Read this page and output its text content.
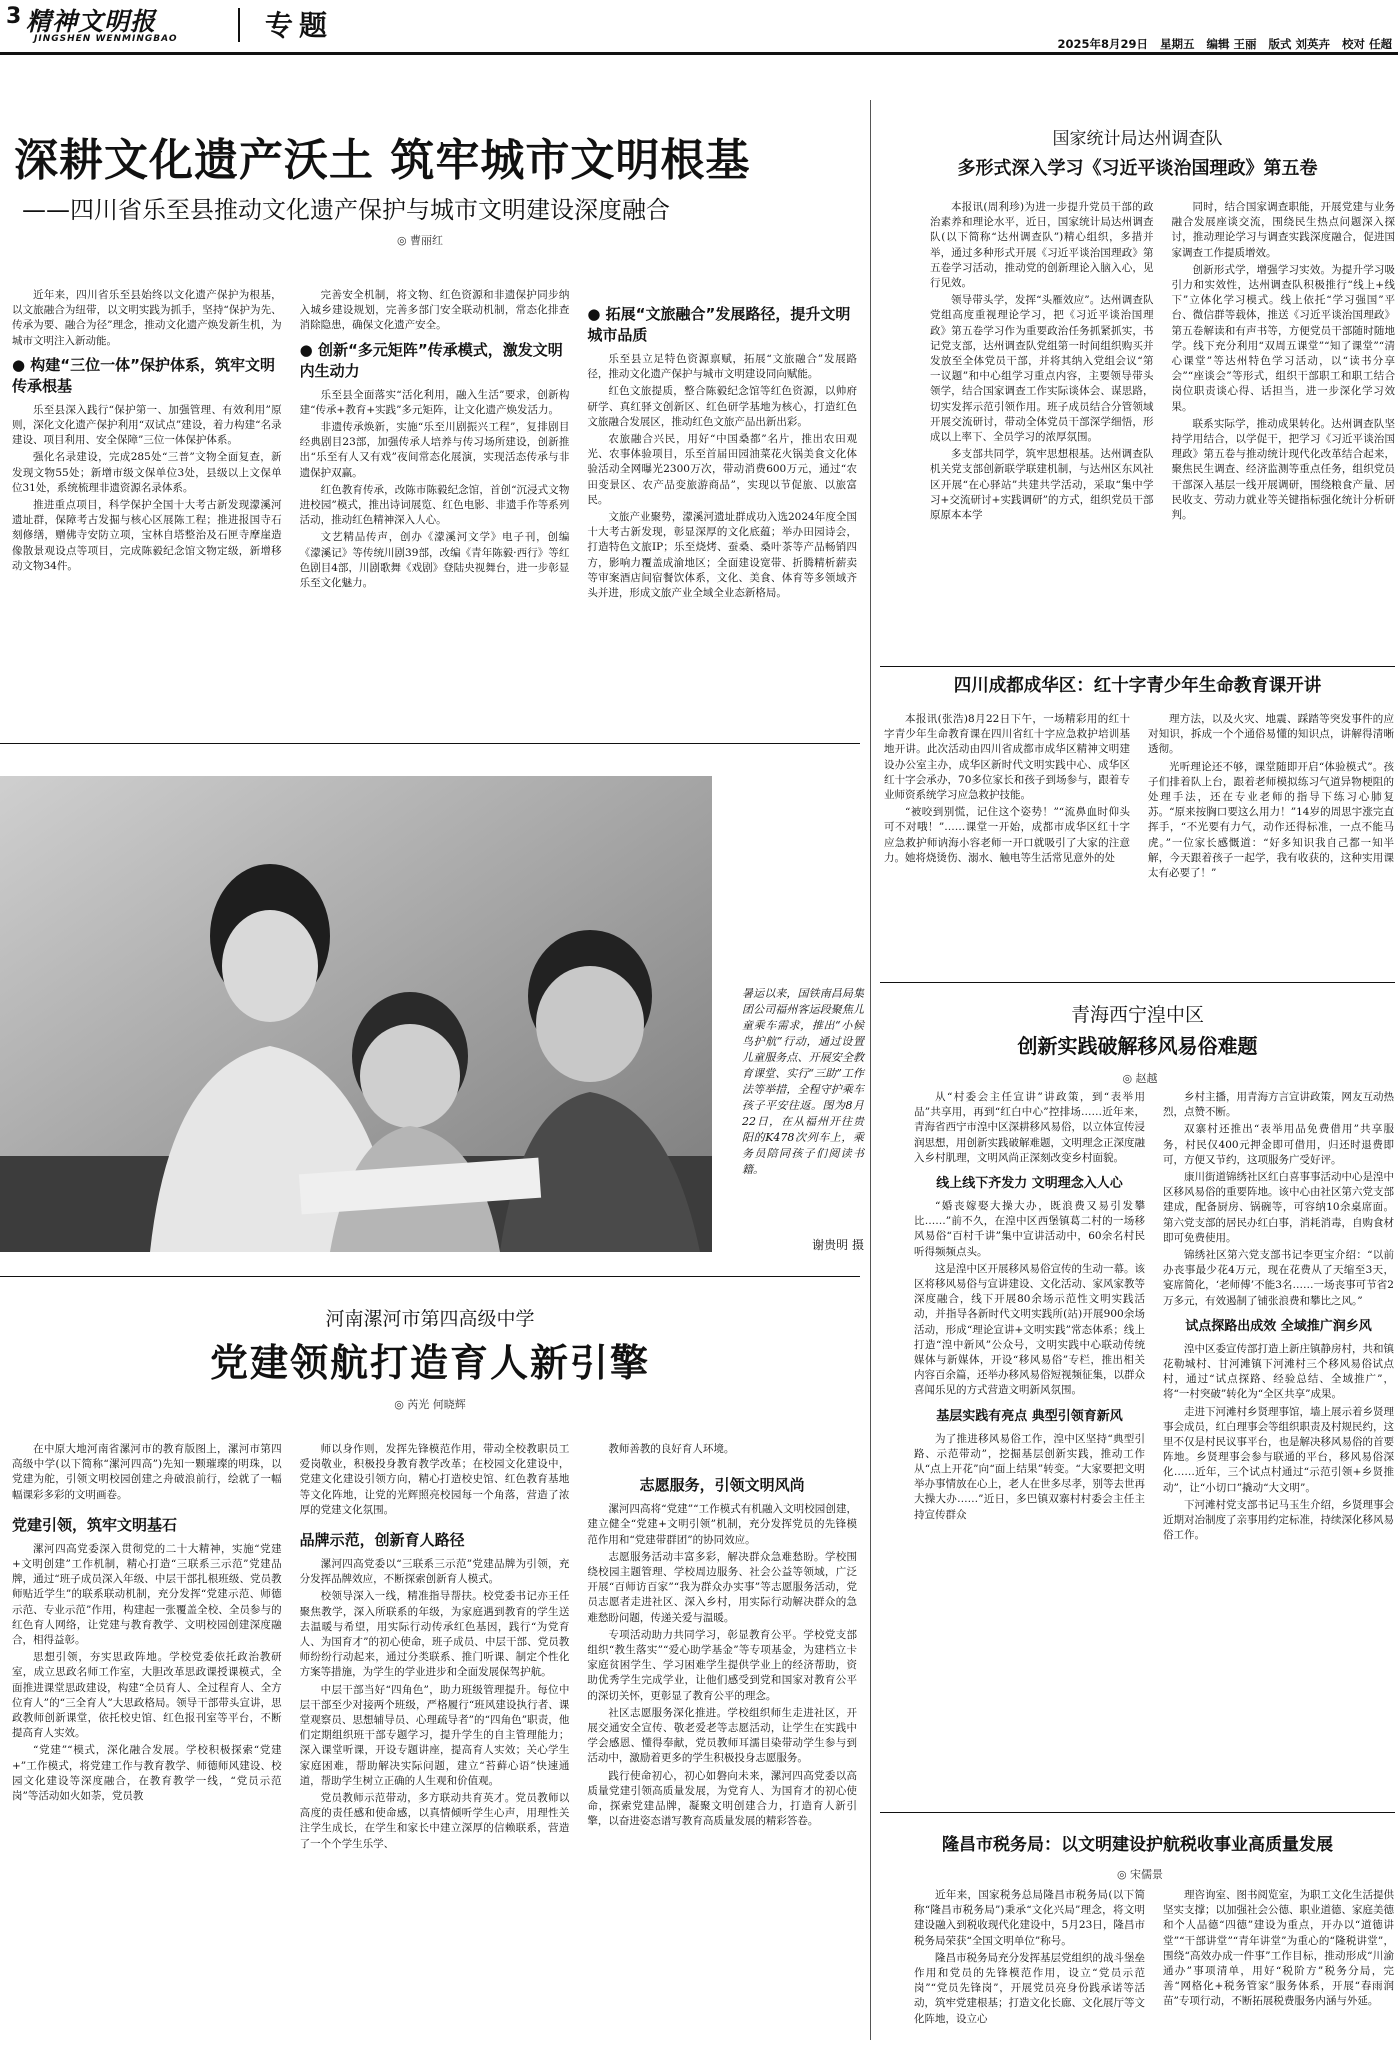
3 精神文明报
JINGSHEN WENMINGBAO	专题
2025年8月29日 星期五 编辑 王丽 版式 刘英卉 校对 任超
深耕文化遗产沃土 筑牢城市文明根基
——四川省乐至县推动文化遗产保护与城市文明建设深度融合
◎ 曹丽红

近年来，四川省乐至县始终以文化遗产保护为根基，以文旅融合为纽带，以文明实践为抓手，坚持“保护为先、传承为要、融合为径”理念，推动文化遗产焕发新生机，为城市文明注入新动能。

● 构建“三位一体”保护体系，筑牢文明传承根基

乐至县深入践行“保护第一、加强管理、有效利用”原则，深化文化遗产保护利用“双试点”建设，着力构建“名录建设、项目利用、安全保障”三位一体保护体系。

强化名录建设，完成285处“三普”文物全面复查，新发现文物55处；新增市级文保单位3处，县级以上文保单位31处，系统梳理非遗资源名录体系。

推进重点项目，科学保护全国十大考古新发现濛溪河遗址群，保障考古发掘与核心区展陈工程；推进报国寺石刻修缮，赠佛寺安防立项，宝林自塔整治及石匣寺摩崖造像散景观设点等项目，完成陈毅纪念馆文物定级，新增移动文物34件。

完善安全机制，将文物、红色资源和非遗保护同步纳入城乡建设规划，完善多部门安全联动机制，常态化排查消除隐患，确保文化遗产安全。

● 创新“多元矩阵”传承模式，激发文明内生动力

乐至县全面落实“活化利用，融入生活”要求，创新构建“传承+教育+实践”多元矩阵，让文化遗产焕发活力。

非遗传承焕新，实施“乐至川剧振兴工程”，复排剧目经典剧目23部，加强传承人培养与传习场所建设，创新推出“乐至有人又有戏”夜间常态化展演，实现活态传承与非遗保护双赢。

红色教育传承，改陈市陈毅纪念馆，首创“沉浸式文物进校园”模式，推出诗词展览、红色电影、非遗手作等系列活动，推动红色精神深入人心。

文艺精品传声，创办《濛溪河文学》电子刊，创编《濛溪记》等传统川剧39部，改编《青年陈毅·西行》等红色剧目4部，川剧歌舞《戏剧》登陆央视舞台，进一步彰显乐至文化魅力。

● 拓展“文旅融合”发展路径，提升文明城市品质

乐至县立足特色资源禀赋，拓展“文旅融合”发展路径，推动文化遗产保护与城市文明建设同向赋能。

红色文旅提质，整合陈毅纪念馆等红色资源，以帅府研学、真红驿文创新区、红色研学基地为核心，打造红色文旅融合发展区，推动红色文旅产品出新出彩。

农旅融合兴民，用好“中国桑都”名片，推出农田观光、农事体验项目，乐至首届田园油菜花火锅美食文化体验活动全网曝光2300万次，带动消费600万元，通过“农田变景区、农产品变旅游商品”，实现以节促旅、以旅富民。

文旅产业聚势，濛溪河遗址群成功入选2024年度全国十大考古新发现，彰显深厚的文化底蕴；举办田园诗会，打造特色文旅IP；乐至烧烤、蚕桑、桑叶茶等产品畅销四方，影响力覆盖成渝地区；全面建设宽带、折腾精析薪卖等审案酒店间宿餐饮体系，文化、美食、体育等多领域齐头并进，形成文旅产业全域全业态新格局。

国家统计局达州调查队
多形式深入学习《习近平谈治国理政》第五卷

本报讯(周利珍)为进一步提升党员干部的政治素养和理论水平，近日，国家统计局达州调查队(以下简称“达州调查队”)精心组织，多措并举，通过多种形式开展《习近平谈治国理政》第五卷学习活动，推动党的创新理论入脑入心，见行见效。

领导带头学，发挥“头雁效应”。达州调查队党组高度重视理论学习，把《习近平谈治国理政》第五卷学习作为重要政治任务抓紧抓实，书记党支部，达州调查队党组第一时间组织购买并发放至全体党员干部，并将其纳入党组会议“第一议题”和中心组学习重点内容，主要领导带头领学，结合国家调查工作实际谈体会、谋思路，切实发挥示范引领作用。班子成员结合分管领域开展交流研讨，带动全体党员干部深学细悟，形成以上率下、全员学习的浓厚氛围。

多支部共同学，筑牢思想根基。达州调查队机关党支部创新联学联建机制，与达州区东风社区开展“在心驿站”共建共学活动，采取“集中学习+交流研讨+实践调研”的方式，组织党员干部原原本本学

同时，结合国家调查职能，开展党建与业务融合发展座谈交流，围绕民生热点问题深入探讨，推动理论学习与调查实践深度融合，促进国家调查工作提质增效。

创新形式学，增强学习实效。为提升学习吸引力和实效性，达州调查队积极推行“线上+线下”立体化学习模式。线上依托“学习强国”平台、微信群等载体，推送《习近平谈治国理政》第五卷解读和有声书等，方便党员干部随时随地学。线下充分利用“双周五课堂”“知了课堂”“清心课堂”等达州特色学习活动，以“读书分享会”“座谈会”等形式，组织干部职工和职工结合岗位职责谈心得、话担当，进一步深化学习效果。

联系实际学，推动成果转化。达州调查队坚持学用结合，以学促干，把学习《习近平谈治国理政》第五卷与推动统计现代化改革结合起来，聚焦民生调查、经济监测等重点任务，组织党员干部深入基层一线开展调研，围绕粮食产量、居民收支、劳动力就业等关键指标强化统计分析研判。

四川成都成华区：红十字青少年生命教育课开讲

本报讯(张浩)8月22日下午，一场精彩用的红十字青少年生命教育课在四川省红十字应急救护培训基地开讲。此次活动由四川省成都市成华区精神文明建设办公室主办，成华区新时代文明实践中心、成华区红十字会承办，70多位家长和孩子到场参与，跟着专业师资系统学习应急救护技能。

“被咬到别慌，记住这个姿势！”“流鼻血时仰头可不对哦！”……课堂一开始，成都市成华区红十字应急救护师讷海小容老师一开口就吸引了大家的注意力。她将烧烫伤、溺水、触电等生活常见意外的处

理方法，以及火灾、地震、踩踏等突发事件的应对知识，拆成一个个通俗易懂的知识点，讲解得清晰透彻。

光听理论还不够，课堂随即开启“体验模式”。孩子们排着队上台，跟着老师模拟练习气道异物梗阻的处理手法，还在专业老师的指导下练习心肺复苏。“原来按胸口要这么用力！”14岁的周思宇涨完直挥手，“不光要有力气，动作还得标准，一点不能马虎。”一位家长感慨道：“好多知识我自己都一知半解，今天跟着孩子一起学，我有收获的，这种实用课太有必要了！”

暑运以来，国铁南昌局集团公司福州客运段聚焦儿童乘车需求，推出“小候鸟护航”行动，通过设置儿童服务点、开展安全教育课堂、实行“三助”工作法等举措，全程守护乘车孩子平安往返。图为8月22日，在从福州开往贵阳的K478次列车上，乘务员陪同孩子们阅读书籍。
谢贵明 摄
青海西宁湟中区
创新实践破解移风易俗难题
◎ 赵越

从“村委会主任宣讲”讲政策，到“表举用品”共享用，再到“红白中心”控排场……近年来，青海省西宁市湟中区深耕移风易俗，以立体宣传浸润思想，用创新实践破解难题，文明理念正深度融入乡村肌理，文明风尚正深刻改变乡村面貌。

线上线下齐发力 文明理念入人心

“婚丧嫁娶大操大办，既浪费又易引发攀比……”前不久，在湟中区西堡镇葛二村的一场移风易俗“百村千讲”集中宣讲活动中，60余名村民听得频频点头。

这是湟中区开展移风易俗宣传的生动一幕。该区将移风易俗与宣讲建设、文化活动、家风家教等深度融合，线下开展80余场示范性文明实践活动，并指导各新时代文明实践所(站)开展900余场活动，形成“理论宣讲+文明实践”常态体系；线上打造“湟中新风”公众号，文明实践中心联动传统媒体与新媒体，开设“移风易俗”专栏，推出相关内容百余篇，还举办移风易俗短视频征集，以群众喜闻乐见的方式营造文明新风氛围。

基层实践有亮点 典型引领育新风

为了推进移风易俗工作，湟中区坚持“典型引路、示范带动”，挖掘基层创新实践，推动工作从“点上开花”向“面上结果”转变。“大家要把文明举办事情放在心上，老人在世多尽孝，别等去世再大操大办……”近日，多巴镇双寨村村委会主任主持宣传群众

乡村主播，用青海方言宣讲政策，网友互动热烈，点赞不断。

双寨村还推出“表举用品免费借用”共享服务，村民仅400元押金即可借用，归还时退费即可，方便又节约，这项服务广受好评。

康川街道锦绣社区红白喜事事活动中心是湟中区移风易俗的重要阵地。该中心由社区第六党支部建成，配备厨房、锅碗等，可容纳10余桌席面。第六党支部的居民办红白事，消耗消毒，自购食材即可免费使用。

锦绣社区第六党支部书记李更宝介绍：“以前办丧事最少花4万元，现在花费从了天缩至3天，宴席简化，‘老师傅’不能3名……一场丧事可节省2万多元，有效遏制了铺张浪费和攀比之风。”

试点探路出成效 全域推广润乡风

湟中区委宣传部打造上新庄镇静房村，共和镇花勒城村、甘河滩镇下河滩村三个移风易俗试点村，通过“试点探路、经验总结、全域推广”，将“一村突破”转化为“全区共享”成果。

走进下河滩村乡贤理事馆，墙上展示着乡贤理事会成员，红白理事会等组织职责及村规民约，这里不仅是村民议事平台，也是解决移风易俗的首要阵地。乡贤理事会参与联通的平台，移风易俗深化……近年，三个试点村通过“示范引领+乡贤推动”，让“小切口”撬动“大文明”。

下河滩村党支部书记马玉生介绍，乡贤理事会近期对冶制度了亲事用约定标准，持续深化移风易俗工作。

隆昌市税务局：以文明建设护航税收事业高质量发展
◎ 宋儒景

近年来，国家税务总局隆昌市税务局(以下简称“隆昌市税务局”)秉承“文化兴局”理念，将文明建设融入到税收现代化建设中，5月23日，隆昌市税务局荣获“全国文明单位”称号。

隆昌市税务局充分发挥基层党组织的战斗堡垒作用和党员的先锋模范作用，设立“党员示范岗”“党员先锋岗”，开展党员亮身份践承诺等活动，筑牢党建根基；打造文化长廊、文化展厅等文化阵地，设立心

理咨询室、图书阅览室，为职工文化生活提供坚实支撑；以加强社会公德、职业道德、家庭美德和个人品德“四德”建设为重点，开办以“道德讲堂”“干部讲堂”“青年讲堂”为重心的“隆税讲堂”，围绕“高效办成一件事”工作目标，推动形成“川渝通办”事项清单，用好“税阶方”税务分局，完善“网格化+税务管家”服务体系，开展“春雨润苗”专项行动，不断拓展税费服务内涵与外延。

河南漯河市第四高级中学
党建领航打造育人新引擎
◎ 芮光 何晓辉

在中原大地河南省漯河市的教育版图上，漯河市第四高级中学(以下简称“漯河四高”)先知一颗璀璨的明珠，以党建为舵，引领文明校园创建之舟破浪前行，绘就了一幅幅课彩多彩的文明画卷。

党建引领，筑牢文明基石

漯河四高党委深入贯彻党的二十大精神，实施“党建+文明创建”工作机制，精心打造“三联系三示范”党建品牌，通过“班子成员深入年级、中层干部扎根班级、党员教师贴近学生”的联系联动机制，充分发挥“党建示范、师德示范、专业示范”作用，构建起一张覆盖全校、全员参与的红色育人网络，让党建与教育教学、文明校园创建深度融合，相得益彰。

思想引领，夯实思政阵地。学校党委依托政治教研室，成立思政名师工作室，大胆改革思政课授课模式，全面推进课堂思政建设，构建“全员育人、全过程育人、全方位育人”的“三全育人”大思政格局。领导干部带头宣讲，思政教师创新课堂，依托校史馆、红色报刊室等平台，不断提高育人实效。

“党建”“模式，深化融合发展。学校积极探索“党建+”工作模式，将党建工作与教育教学、师德师风建设、校园文化建设等深度融合，在教育教学一线，“党员示范岗”等活动如火如荼，党员教

师以身作则，发挥先锋模范作用，带动全校教职员工爱岗敬业，积极投身教育教学改革；在校园文化建设中，党建文化建设引领方向，精心打造校史馆、红色教育基地等文化阵地，让党的光辉照亮校园每一个角落，营造了浓厚的党建文化氛围。

品牌示范，创新育人路径

漯河四高党委以“三联系三示范”党建品牌为引领，充分发挥品牌效应，不断探索创新育人模式。

校领导深入一线，精准指导帮扶。校党委书记亦王任聚焦教学，深入所联系的年级，为家庭遇到教育的学生送去温暖与希望，用实际行动传承红色基因，践行“为党育人、为国育才”的初心使命，班子成员、中层干部、党员教师纷纷行动起来，通过分类联系、推门听课、制定个性化方案等措施，为学生的学业进步和全面发展保驾护航。

中层干部当好“四角色”，助力班级管理提升。每位中层干部至少对接两个班级，严格履行“班风建设执行者、课堂观察员、思想辅导员、心理疏导者”的“四角色”职责，他们定期组织班干部专题学习，提升学生的自主管理能力；深入课堂听课，开设专题讲座，提高育人实效；关心学生家庭困难，帮助解决实际问题，建立“苔藓心语”快速通道，帮助学生树立正确的人生观和价值观。

党员教师示范带动，多方联动共育英才。党员教师以高度的责任感和使命感，以真情倾听学生心声，用理性关注学生成长，在学生和家长中建立深厚的信赖联系，营造了一个个学生乐学、

教师善教的良好育人环境。

志愿服务，引领文明风尚

漯河四高将“党建”“工作模式有机融入文明校园创建，建立健全“党建+文明引领”机制，充分发挥党员的先锋模范作用和“党建带群团”的协同效应。

志愿服务活动丰富多彩，解决群众急难愁盼。学校围绕校园主题管理、学校周边服务、社会公益等领域，广泛开展“百师访百家”“我为群众办实事”等志愿服务活动，党员志愿者走进社区、深入乡村，用实际行动解决群众的急难愁盼问题，传递关爱与温暖。

专项活动助力共同学习，彰显教育公平。学校党支部组织“教生落实”“爱心助学基金”等专项基金，为建档立卡家庭贫困学生、学习困难学生提供学业上的经济帮助，资助优秀学生完成学业，让他们感受到党和国家对教育公平的深切关怀，更彰显了教育公平的理念。

社区志愿服务深化推进。学校组织师生走进社区，开展交通安全宣传、敬老爱老等志愿活动，让学生在实践中学会感恩、懂得奉献，党员教师耳濡目染带动学生参与到活动中，激励着更多的学生积极投身志愿服务。

践行使命初心，初心如磐向未来，漯河四高党委以高质量党建引领高质量发展，为党育人、为国育才的初心使命，探索党建品牌，凝聚文明创建合力，打造育人新引擎，以奋进姿态谱写教育高质量发展的精彩答卷。
